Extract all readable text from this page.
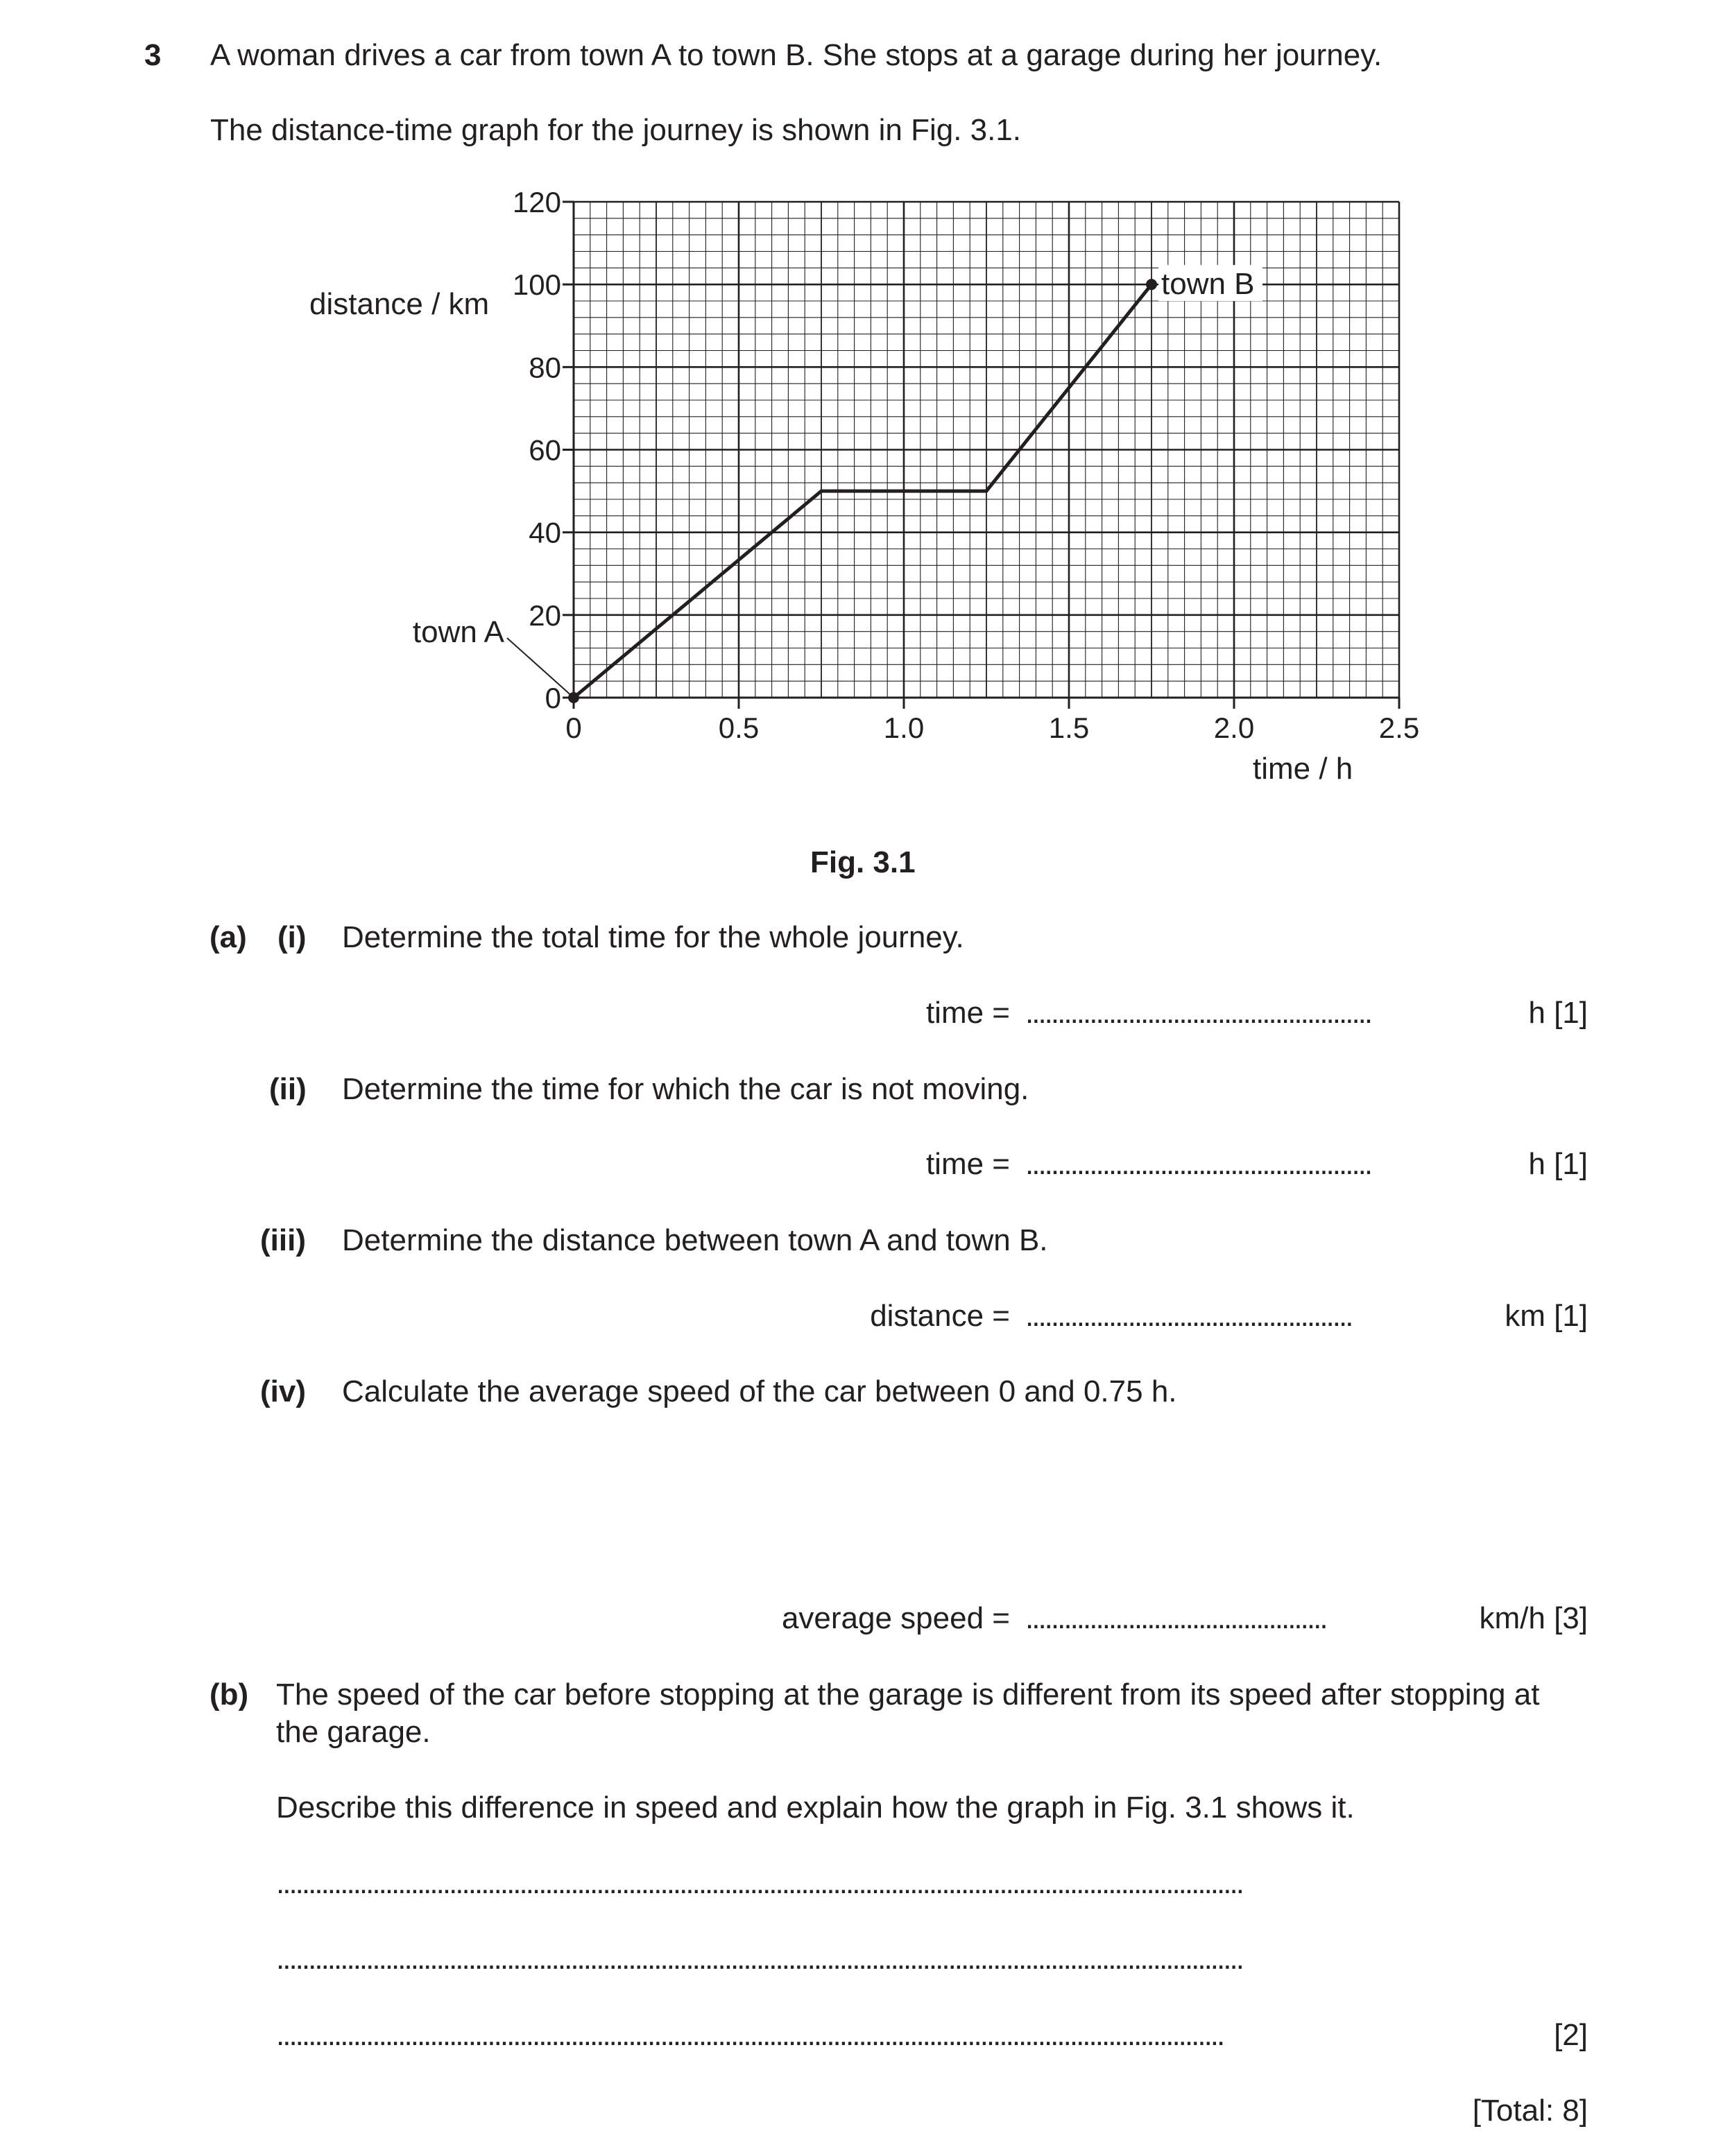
3 A woman drives a car from town A to town B. She stops at a garage during her journey.
The distance-time graph for the journey is shown in Fig. 3.1.
0
20
40
60
80
100
120
0	0.5	1.0	1.5	2.0	2.5
town B
town A
distance / km
time / h
Fig. 3.1
(a) (i) Determine the total time for the whole journey.
time = ......................................................	h [1]
(ii) Determine the time for which the car is not moving.
time = ......................................................	h [1]
(iii) Determine the distance between town A and town B.
distance = ...................................................	km [1]
(iv) Calculate the average speed of the car between 0 and 0.75 h.
average speed = ...............................................	km/h [3]
(b) The speed of the car before stopping at the garage is different from its speed after stopping at
the garage.
Describe this difference in speed and explain how the graph in Fig. 3.1 shows it.
.......................................................................................................................................................
.......................................................................................................................................................
....................................................................................................................................................	[2]
[Total: 8]
